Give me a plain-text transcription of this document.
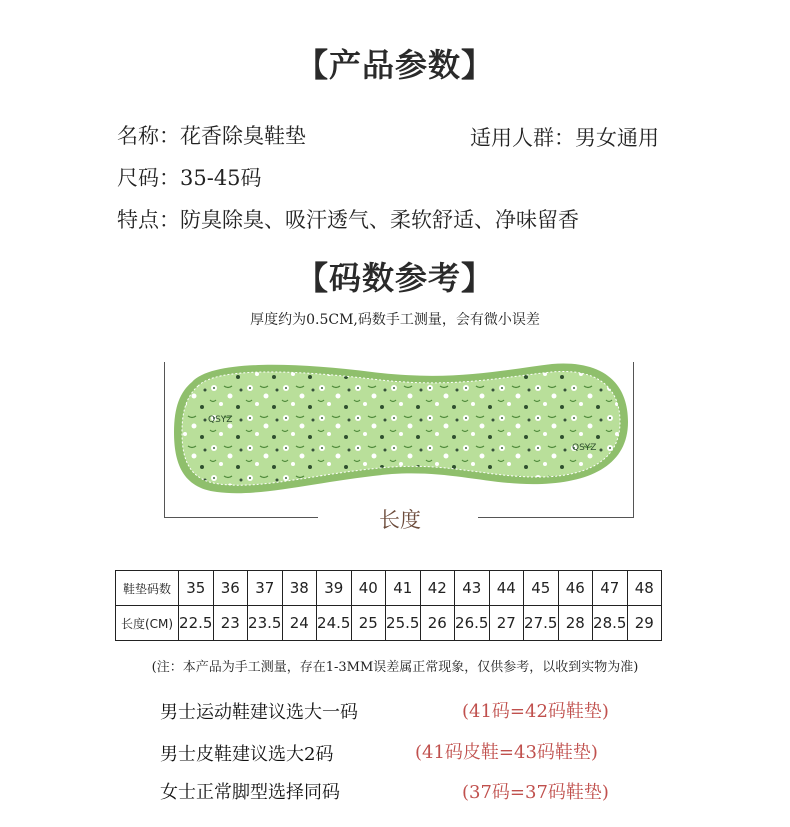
【产品参数】
名称：花香除臭鞋垫	适用人群：男女通用
尺码：35-45码
特点：防臭除臭、吸汗透气、柔软舒适、净味留香
【码数参考】
厚度约为0.5CM,码数手工测量，会有微小误差
QSYZ
QSYZ
长度
鞋垫码数	35	36	37	38	39	40	41	42	43	44	45	46	47	48
长度(CM)	22.5	23	23.5	24	24.5	25	25.5	26	26.5	27	27.5	28	28.5	29
(注：本产品为手工测量，存在1-3MM误差属正常现象，仅供参考，以收到实物为准)
男士运动鞋建议选大一码	(41码=42码鞋垫)
男士皮鞋建议选大2码	(41码皮鞋=43码鞋垫)
女士正常脚型选择同码	(37码=37码鞋垫)
